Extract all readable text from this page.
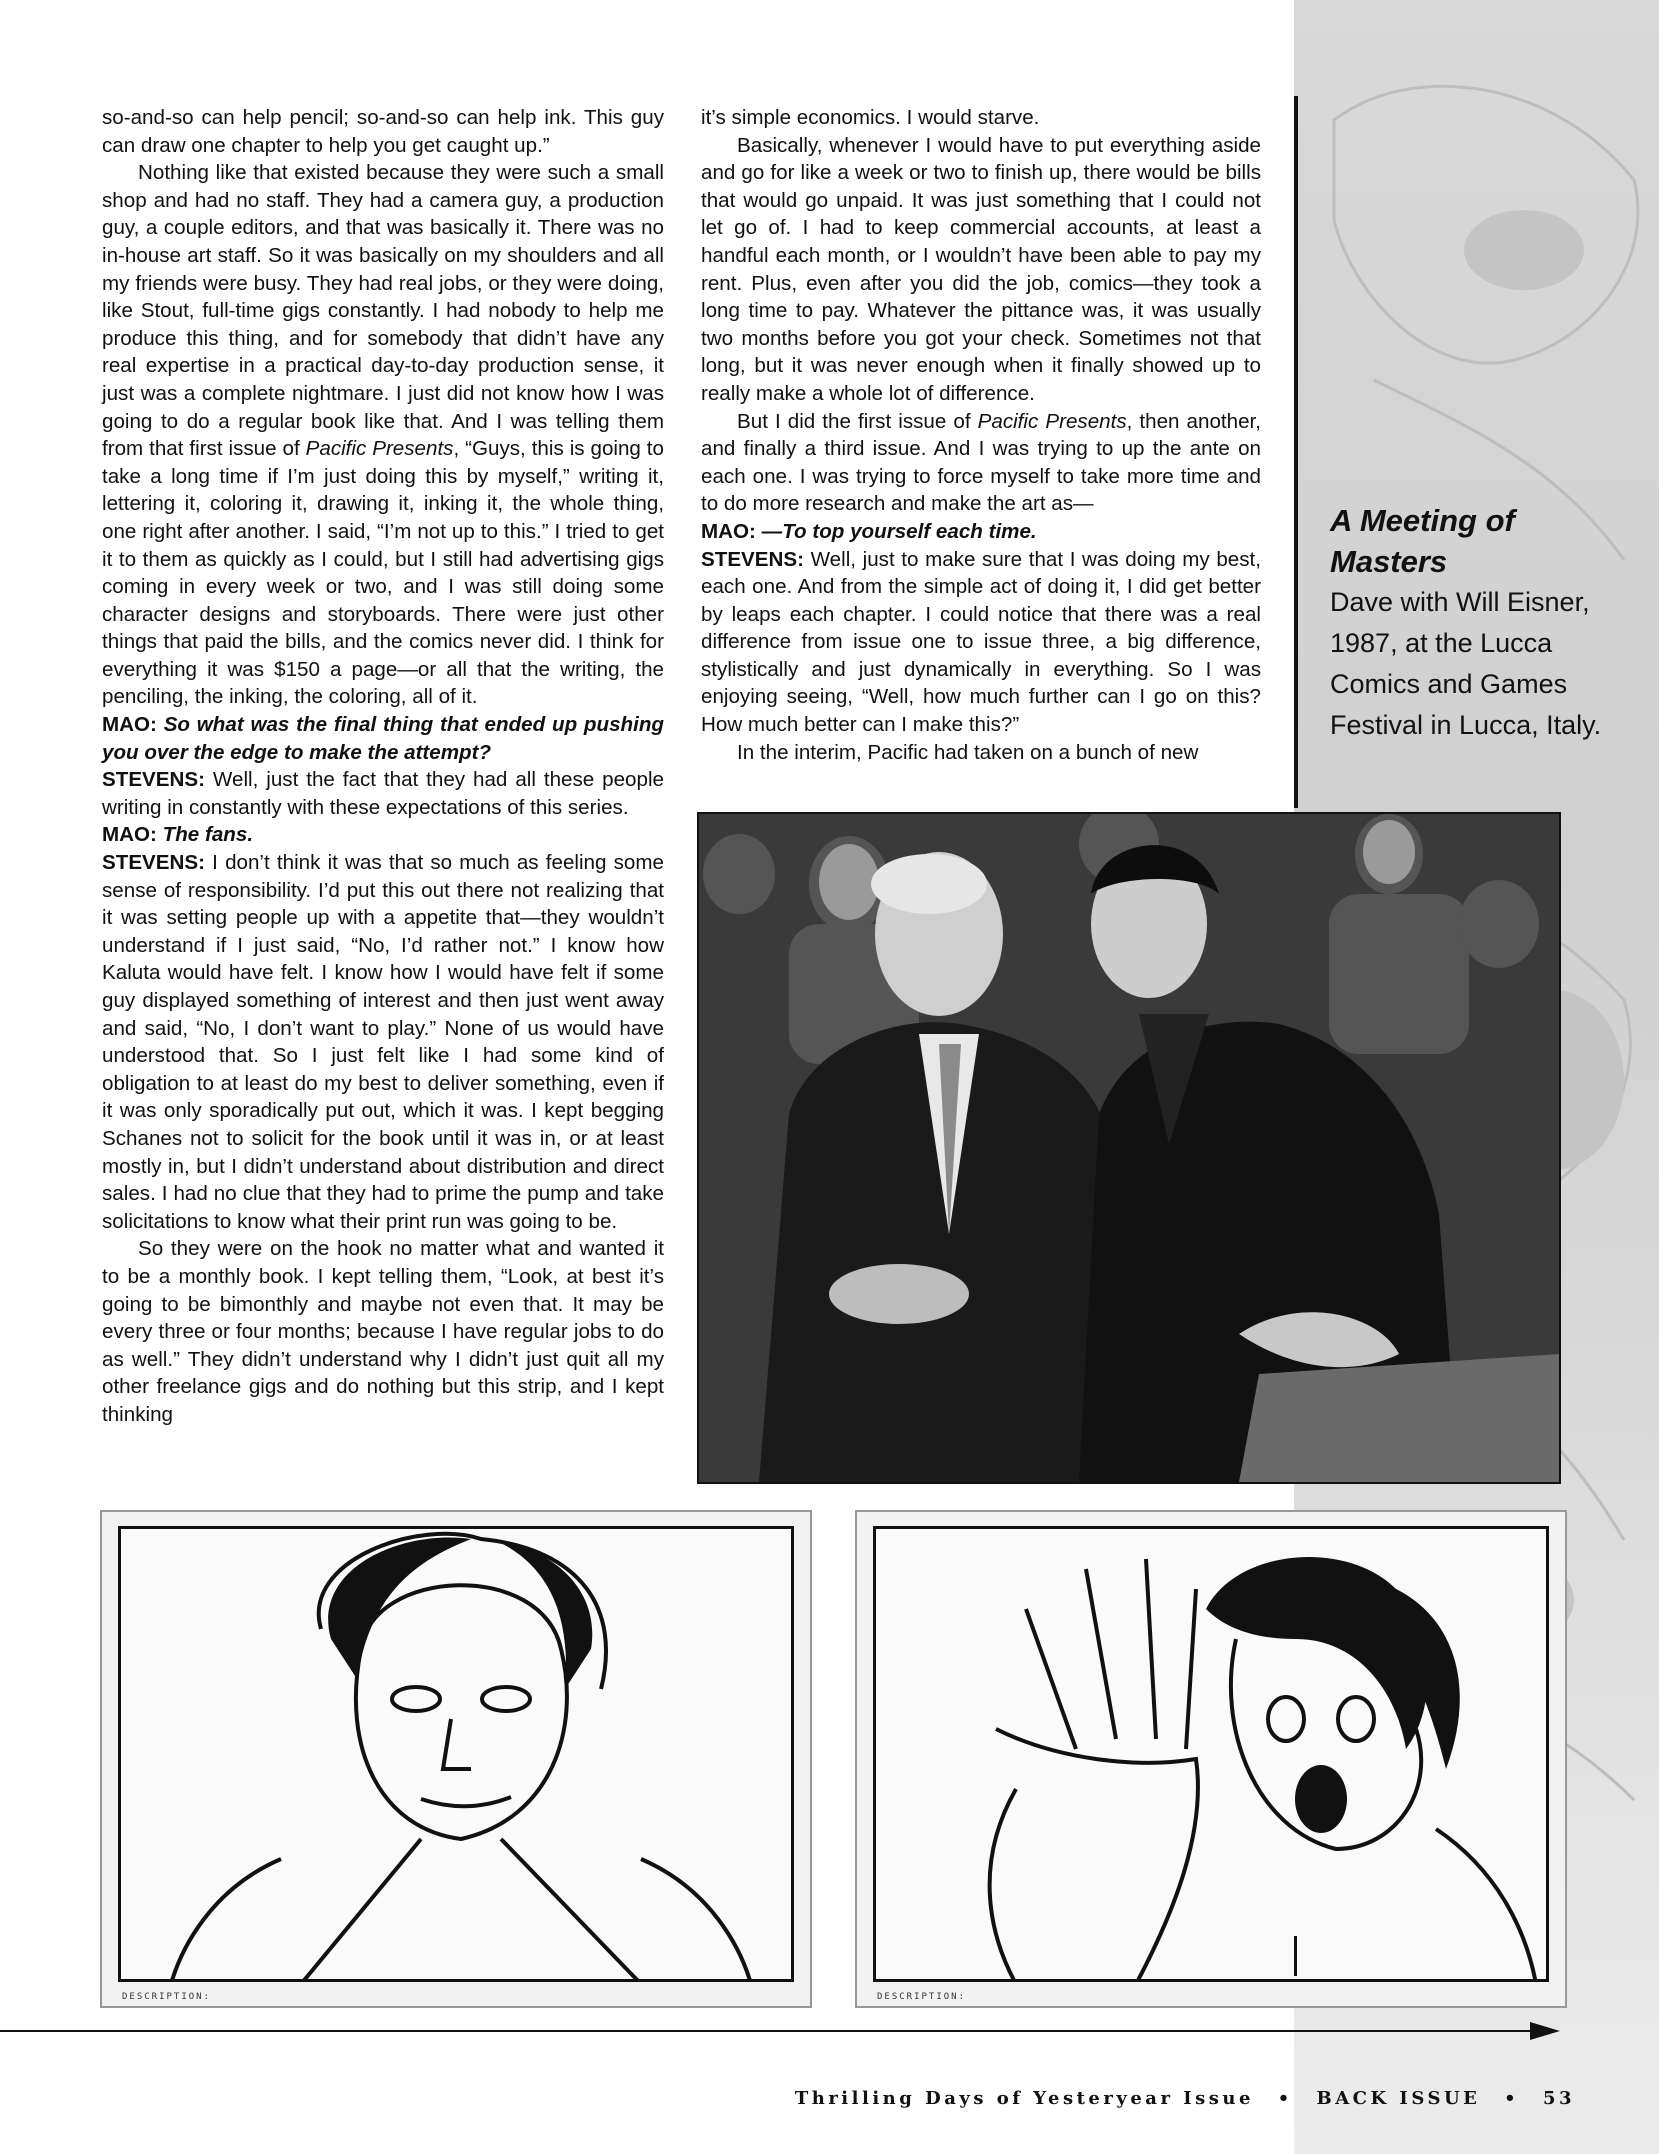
so-and-so can help pencil; so-and-so can help ink. This guy can draw one chapter to help you get caught up.”

Nothing like that existed because they were such a small shop and had no staff. They had a camera guy, a production guy, a couple editors, and that was basically it. There was no in-house art staff. So it was basically on my shoulders and all my friends were busy. They had real jobs, or they were doing, like Stout, full-time gigs constantly. I had nobody to help me produce this thing, and for somebody that didn’t have any real expertise in a practical day-to-day production sense, it just was a complete nightmare. I just did not know how I was going to do a regular book like that. And I was telling them from that first issue of Pacific Presents, “Guys, this is going to take a long time if I’m just doing this by myself,” writing it, lettering it, coloring it, drawing it, inking it, the whole thing, one right after another. I said, “I’m not up to this.” I tried to get it to them as quickly as I could, but I still had advertising gigs coming in every week or two, and I was still doing some character designs and storyboards. There were just other things that paid the bills, and the comics never did. I think for everything it was $150 a page—or all that the writing, the penciling, the inking, the coloring, all of it.

MAO: So what was the final thing that ended up pushing you over the edge to make the attempt?

STEVENS: Well, just the fact that they had all these people writing in constantly with these expectations of this series.

MAO: The fans.

STEVENS: I don’t think it was that so much as feeling some sense of responsibility. I’d put this out there not realizing that it was setting people up with a appetite that—they wouldn’t understand if I just said, “No, I’d rather not.” I know how Kaluta would have felt. I know how I would have felt if some guy displayed something of interest and then just went away and said, “No, I don’t want to play.” None of us would have understood that. So I just felt like I had some kind of obligation to at least do my best to deliver something, even if it was only sporadically put out, which it was. I kept begging Schanes not to solicit for the book until it was in, or at least mostly in, but I didn’t understand about distribution and direct sales. I had no clue that they had to prime the pump and take solicitations to know what their print run was going to be.

So they were on the hook no matter what and wanted it to be a monthly book. I kept telling them, “Look, at best it’s going to be bimonthly and maybe not even that. It may be every three or four months; because I have regular jobs to do as well.” They didn’t understand why I didn’t just quit all my other freelance gigs and do nothing but this strip, and I kept thinking

it’s simple economics. I would starve.

Basically, whenever I would have to put everything aside and go for like a week or two to finish up, there would be bills that would go unpaid. It was just something that I could not let go of. I had to keep commercial accounts, at least a handful each month, or I wouldn’t have been able to pay my rent. Plus, even after you did the job, comics—they took a long time to pay. Whatever the pittance was, it was usually two months before you got your check. Sometimes not that long, but it was never enough when it finally showed up to really make a whole lot of difference.

But I did the first issue of Pacific Presents, then another, and finally a third issue. And I was trying to up the ante on each one. I was trying to force myself to take more time and to do more research and make the art as—

MAO: —To top yourself each time.

STEVENS: Well, just to make sure that I was doing my best, each one. And from the simple act of doing it, I did get better by leaps each chapter. I could notice that there was a real difference from issue one to issue three, a big difference, stylistically and just dynamically in everything. So I was enjoying seeing, “Well, how much further can I go on this? How much better can I make this?”

In the interim, Pacific had taken on a bunch of new

A Meeting of Masters
Dave with Will Eisner, 1987, at the Lucca Comics and Games Festival in Lucca, Italy.
DESCRIPTION:	DESCRIPTION:
Thrilling Days of Yesteryear Issue • BACK ISSUE • 53
